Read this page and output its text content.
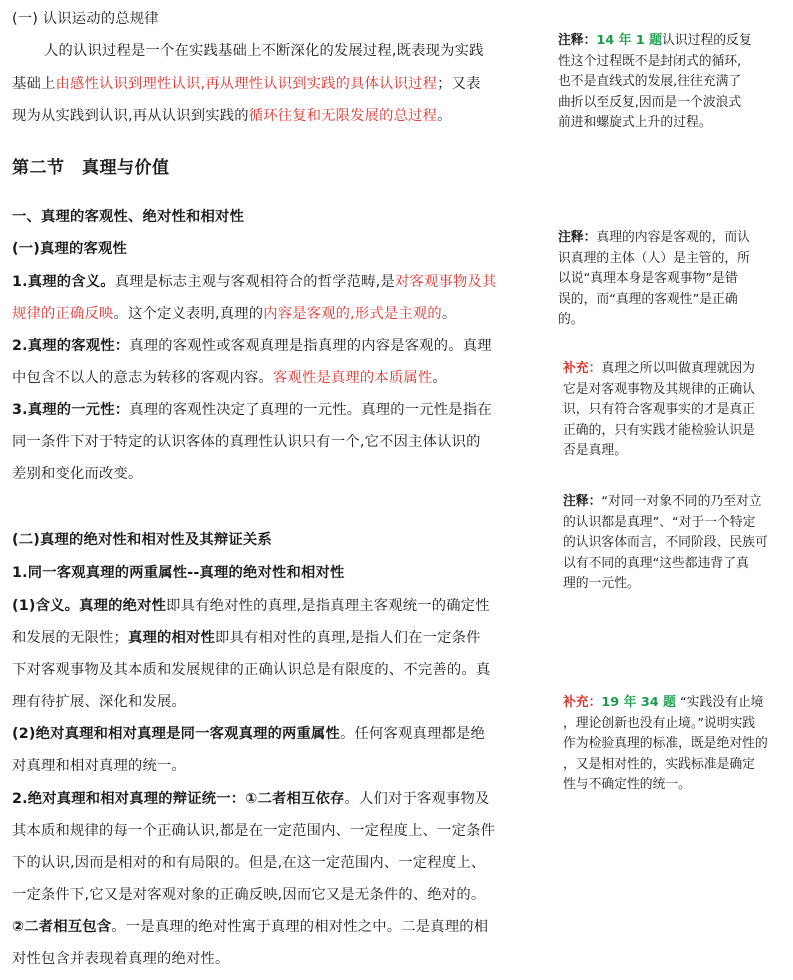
(一) 认识运动的总规律
人的认识过程是一个在实践基础上不断深化的发展过程,既表现为实践
基础上由感性认识到理性认识,再从理性认识到实践的具体认识过程；又表
现为从实践到认识,再从认识到实践的循环往复和无限发展的总过程。
第二节　真理与价值
一、真理的客观性、绝对性和相对性
(一)真理的客观性
1.真理的含义。真理是标志主观与客观相符合的哲学范畴,是对客观事物及其
规律的正确反映。这个定义表明,真理的内容是客观的,形式是主观的。
2.真理的客观性：真理的客观性或客观真理是指真理的内容是客观的。真理
中包含不以人的意志为转移的客观内容。客观性是真理的本质属性。
3.真理的一元性：真理的客观性决定了真理的一元性。真理的一元性是指在
同一条件下对于特定的认识客体的真理性认识只有一个,它不因主体认识的
差别和变化而改变。
(二)真理的绝对性和相对性及其辩证关系
1.同一客观真理的两重属性--真理的绝对性和相对性
(1)含义。真理的绝对性即具有绝对性的真理,是指真理主客观统一的确定性
和发展的无限性；真理的相对性即具有相对性的真理,是指人们在一定条件
下对客观事物及其本质和发展规律的正确认识总是有限度的、不完善的。真
理有待扩展、深化和发展。
(2)绝对真理和相对真理是同一客观真理的两重属性。任何客观真理都是绝
对真理和相对真理的统一。
2.绝对真理和相对真理的辩证统一：①二者相互依存。人们对于客观事物及
其本质和规律的每一个正确认识,都是在一定范围内、一定程度上、一定条件
下的认识,因而是相对的和有局限的。但是,在这一定范围内、一定程度上、
一定条件下,它又是对客观对象的正确反映,因而它又是无条件的、绝对的。
②二者相互包含。一是真理的绝对性寓于真理的相对性之中。二是真理的相
对性包含并表现着真理的绝对性。
注释：14 年 1 题认识过程的反复
性这个过程既不是封闭式的循环,
也不是直线式的发展,往往充满了
曲折以至反复,因而是一个波浪式
前进和螺旋式上升的过程。
注释：真理的内容是客观的，而认
识真理的主体（人）是主管的，所
以说“真理本身是客观事物”是错
误的，而“真理的客观性”是正确
的。
补充：真理之所以叫做真理就因为
它是对客观事物及其规律的正确认
识，只有符合客观事实的才是真正
正确的，只有实践才能检验认识是
否是真理。
注释：“对同一对象不同的乃至对立
的认识都是真理”、“对于一个特定
的认识客体而言，不同阶段、民族可
以有不同的真理“这些都违背了真
理的一元性。
补充：19 年 34 题 “实践没有止境
，理论创新也没有止境。”说明实践
作为检验真理的标准，既是绝对性的
，又是相对性的，实践标准是确定
性与不确定性的统一。
